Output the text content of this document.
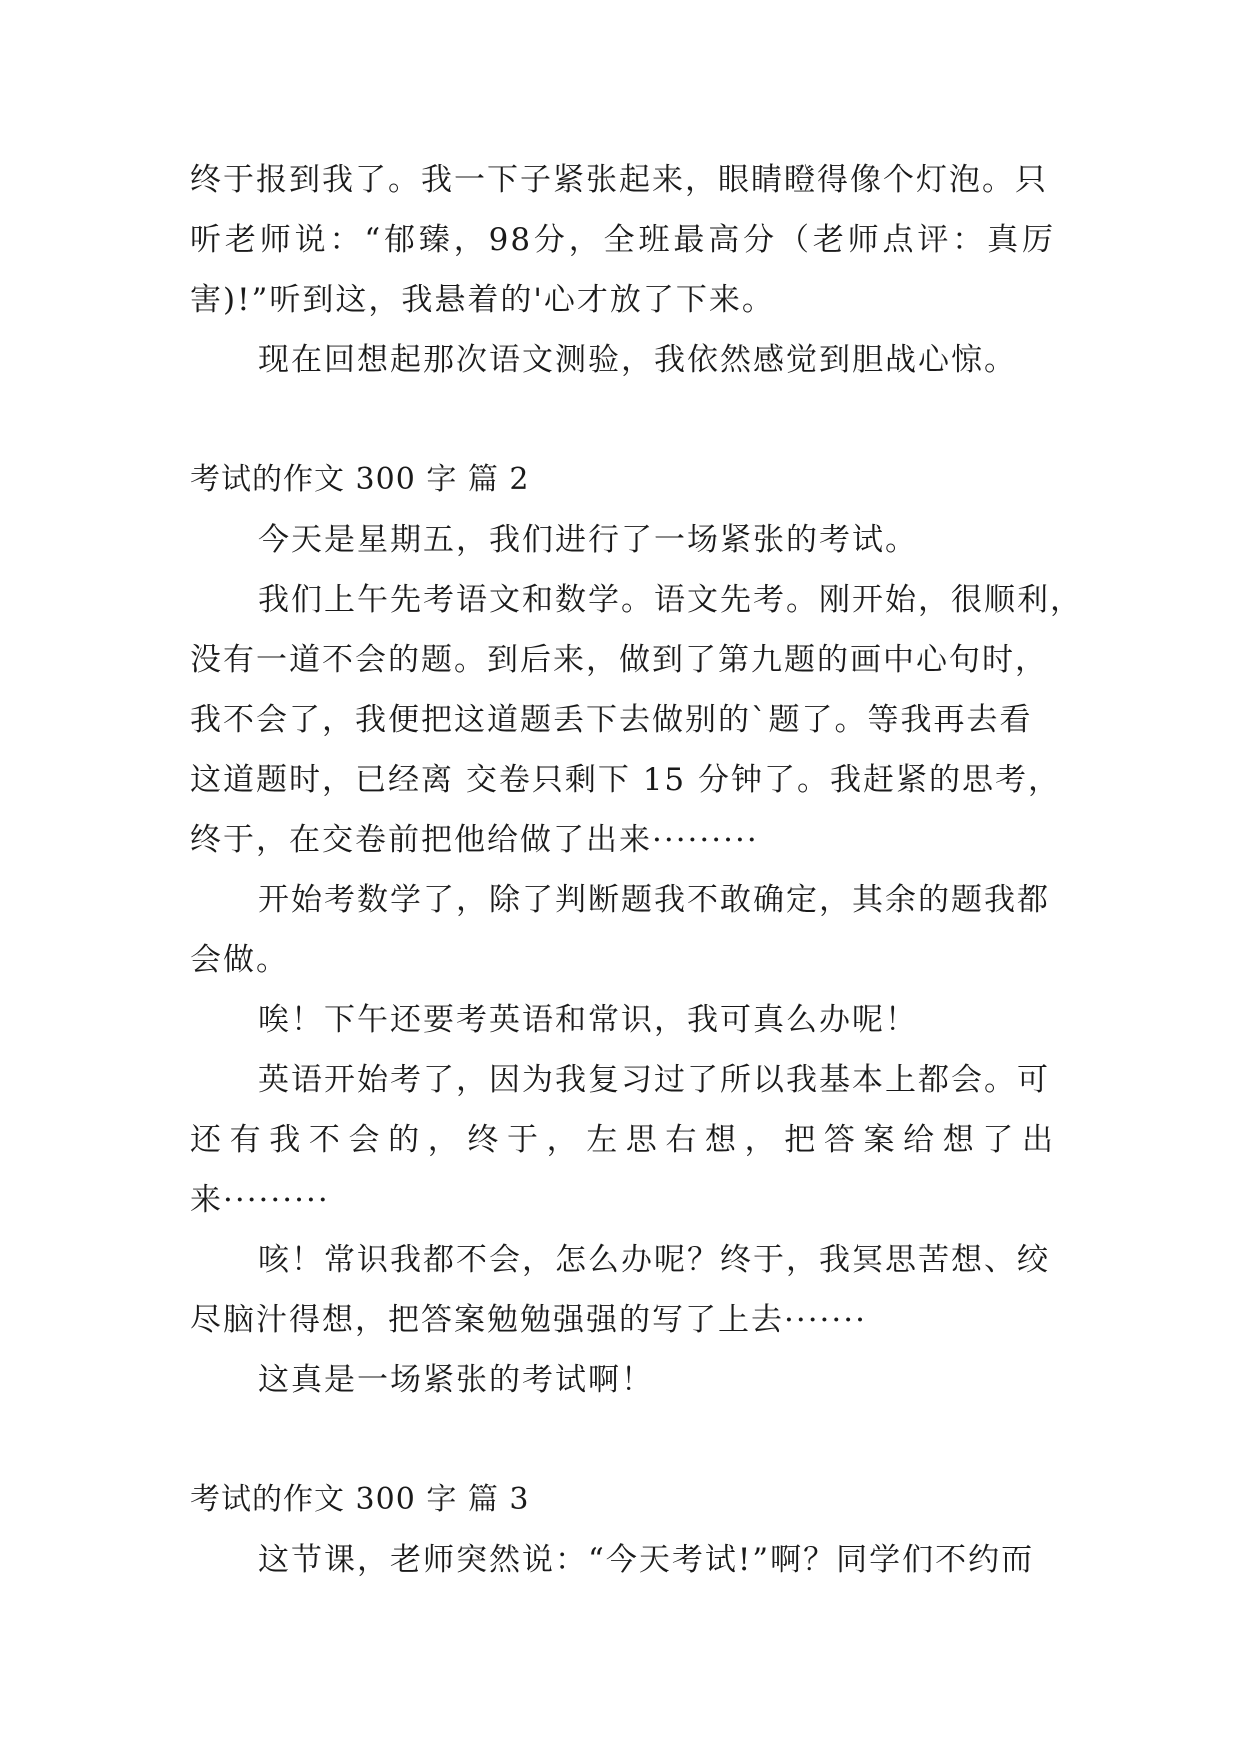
终于报到我了。我一下子紧张起来，眼睛瞪得像个灯泡。只
听老师说：“郁臻，98分，全班最高分（老师点评：真厉
害)!”听到这，我悬着的'心才放了下来。
现在回想起那次语文测验，我依然感觉到胆战心惊。
考试的作文 300 字 篇 2
今天是星期五，我们进行了一场紧张的考试。
我们上午先考语文和数学。语文先考。刚开始，很顺利，
没有一道不会的题。到后来，做到了第九题的画中心句时，
我不会了，我便把这道题丢下去做别的`题了。等我再去看
这道题时，已经离 交卷只剩下 15 分钟了。我赶紧的思考，
终于，在交卷前把他给做了出来·········
开始考数学了，除了判断题我不敢确定，其余的题我都
会做。
唉！下午还要考英语和常识，我可真么办呢！
英语开始考了，因为我复习过了所以我基本上都会。可
还有我不会的，终于，左思右想，把答案给想了出
来·········
咳！常识我都不会，怎么办呢？终于，我冥思苦想、绞
尽脑汁得想，把答案勉勉强强的写了上去·······
这真是一场紧张的考试啊！
考试的作文 300 字 篇 3
这节课，老师突然说：“今天考试!”啊？同学们不约而
